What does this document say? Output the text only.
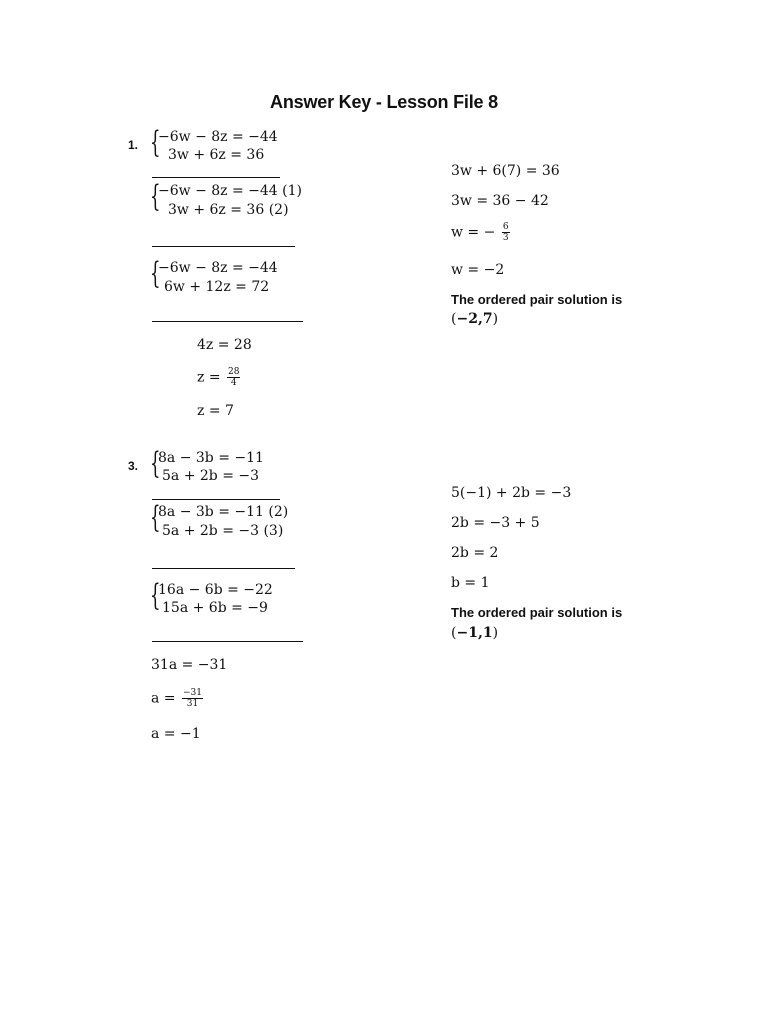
Answer Key - Lesson File 8
1. {
−6w − 8z = −44
3w + 6z = 36
{
−6w − 8z = −44 (1)
3w + 6z = 36 (2)
{
−6w − 8z = −44
6w + 12z = 72
4z = 28
$z = \frac{28}{4}$
z = 7
3w + 6(7) = 36
3w = 36 − 42
w = − $\frac{6}{3}$
w = −2
The ordered pair solution is
(−2,7)
3. {
8a − 3b = −11
5a + 2b = −3
{
8a − 3b = −11 (2)
5a + 2b = −3 (3)
{
16a − 6b = −22
15a + 6b = −9
31a = −31
$a = \frac{-31}{31}$
a = −1
5(−1) + 2b = −3
2b = −3 + 5
2b = 2
b = 1
The ordered pair solution is
(−1,1)
